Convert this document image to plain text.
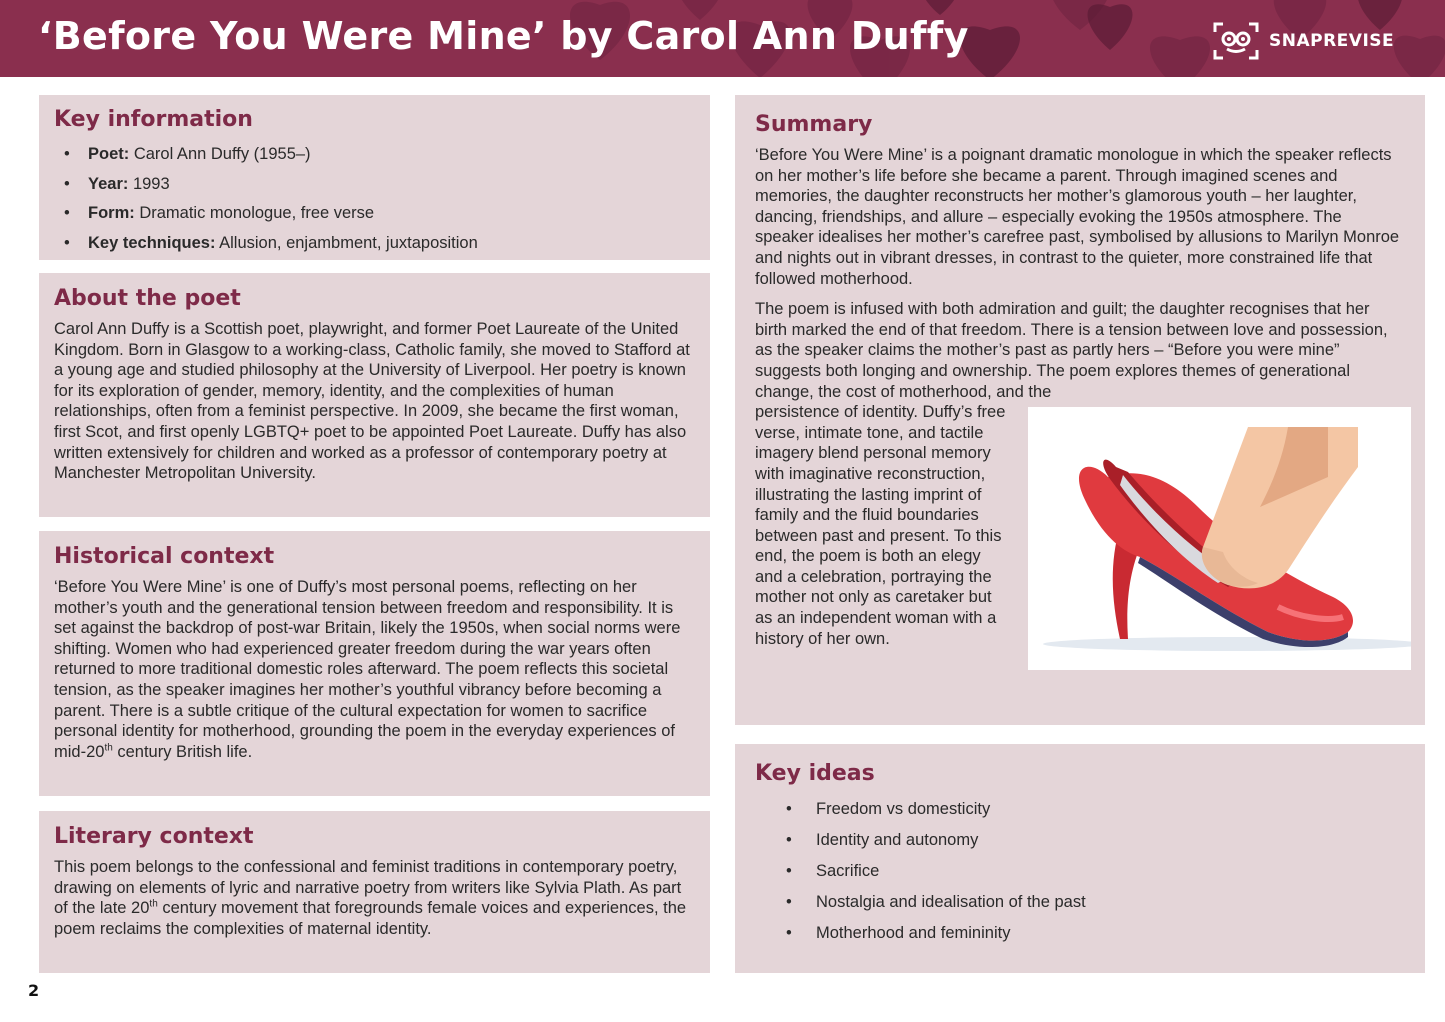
‘Before You Were Mine’ by Carol Ann Duffy	SNAPREVISE
Key information
• Poet: Carol Ann Duffy (1955–)
• Year: 1993
• Form: Dramatic monologue, free verse
• Key techniques: Allusion, enjambment, juxtaposition
About the poet

Carol Ann Duffy is a Scottish poet, playwright, and former Poet Laureate of the United Kingdom. Born in Glasgow to a working-class, Catholic family, she moved to Stafford at a young age and studied philosophy at the University of Liverpool. Her poetry is known for its exploration of gender, memory, identity, and the complexities of human relationships, often from a feminist perspective. In 2009, she became the first woman, first Scot, and first openly LGBTQ+ poet to be appointed Poet Laureate. Duffy has also written extensively for children and worked as a professor of contemporary poetry at Manchester Metropolitan University.

Historical context

‘Before You Were Mine’ is one of Duffy’s most personal poems, reflecting on her mother’s youth and the generational tension between freedom and responsibility. It is set against the backdrop of post-war Britain, likely the 1950s, when social norms were shifting. Women who had experienced greater freedom during the war years often returned to more traditional domestic roles afterward. The poem reflects this societal tension, as the speaker imagines her mother’s youthful vibrancy before becoming a parent. There is a subtle critique of the cultural expectation for women to sacrifice personal identity for motherhood, grounding the poem in the everyday experiences of mid-20th century British life.

Literary context

This poem belongs to the confessional and feminist traditions in contemporary poetry, drawing on elements of lyric and narrative poetry from writers like Sylvia Plath. As part of the late 20th century movement that foregrounds female voices and experiences, the poem reclaims the complexities of maternal identity.

Summary

‘Before You Were Mine’ is a poignant dramatic monologue in which the speaker reflects on her mother’s life before she became a parent. Through imagined scenes and memories, the daughter reconstructs her mother’s glamorous youth – her laughter, dancing, friendships, and allure – especially evoking the 1950s atmosphere. The speaker idealises her mother’s carefree past, symbolised by allusions to Marilyn Monroe and nights out in vibrant dresses, in contrast to the quieter, more constrained life that followed motherhood.

The poem is infused with both admiration and guilt; the daughter recognises that her birth marked the end of that freedom. There is a tension between love and possession, as the speaker claims the mother’s past as partly hers – “Before you were mine” suggests both longing and ownership. The poem explores themes of generational change, the cost of motherhood, and the

persistence of identity. Duffy’s free verse, intimate tone, and tactile imagery blend personal memory with imaginative reconstruction, illustrating the lasting imprint of family and the fluid boundaries between past and present. To this end, the poem is both an elegy and a celebration, portraying the mother not only as caretaker but as an independent woman with a history of her own.

Key ideas
• Freedom vs domesticity
• Identity and autonomy
• Sacrifice
• Nostalgia and idealisation of the past
• Motherhood and femininity
2
